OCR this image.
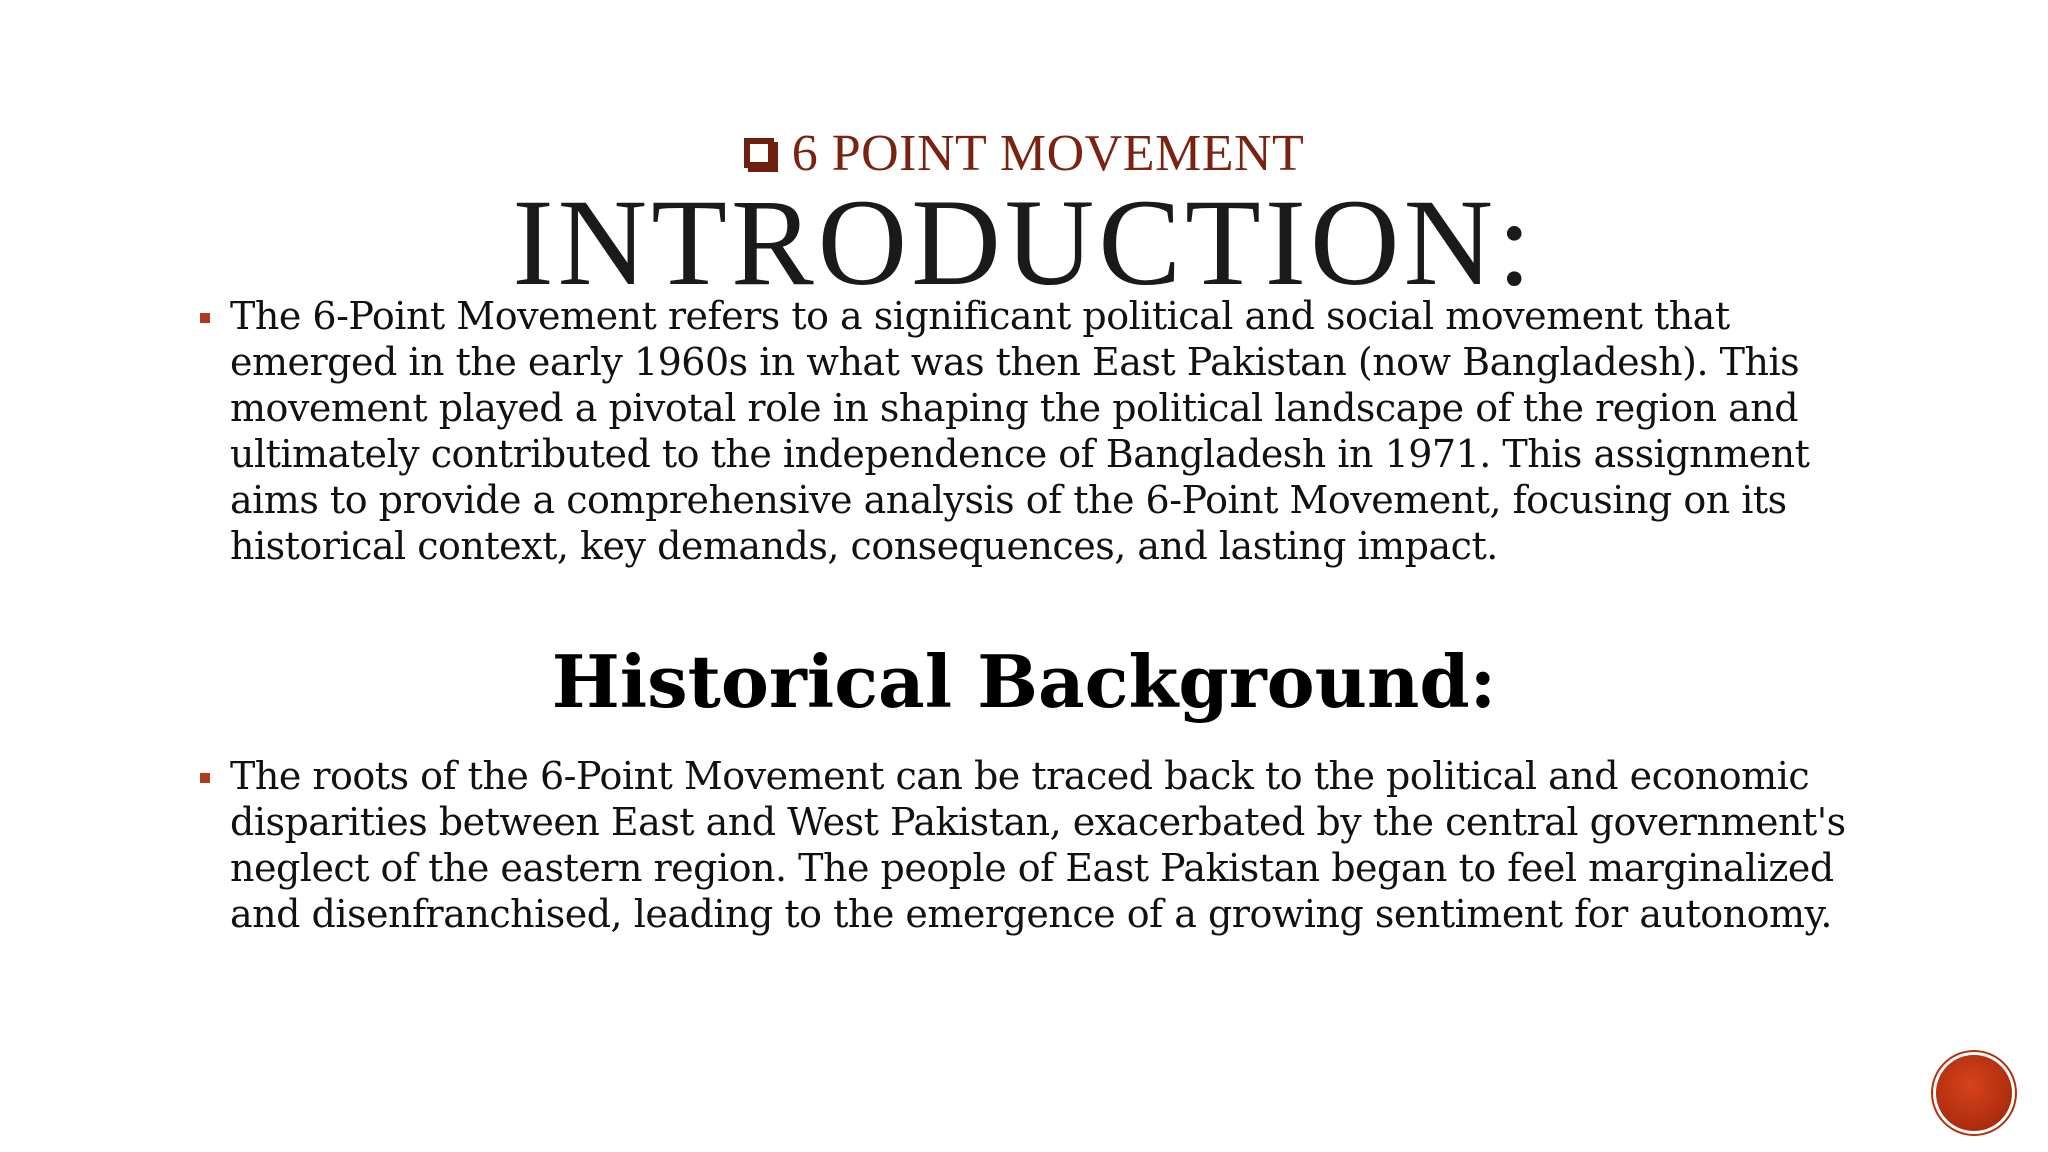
6 POINT MOVEMENT
INTRODUCTION:
The 6-Point Movement refers to a significant political and social movement that emerged in the early 1960s in what was then East Pakistan (now Bangladesh). This movement played a pivotal role in shaping the political landscape of the region and ultimately contributed to the independence of Bangladesh in 1971. This assignment aims to provide a comprehensive analysis of the 6-Point Movement, focusing on its historical context, key demands, consequences, and lasting impact.
Historical Background:
The roots of the 6-Point Movement can be traced back to the political and economic disparities between East and West Pakistan, exacerbated by the central government's neglect of the eastern region. The people of East Pakistan began to feel marginalized and disenfranchised, leading to the emergence of a growing sentiment for autonomy.
